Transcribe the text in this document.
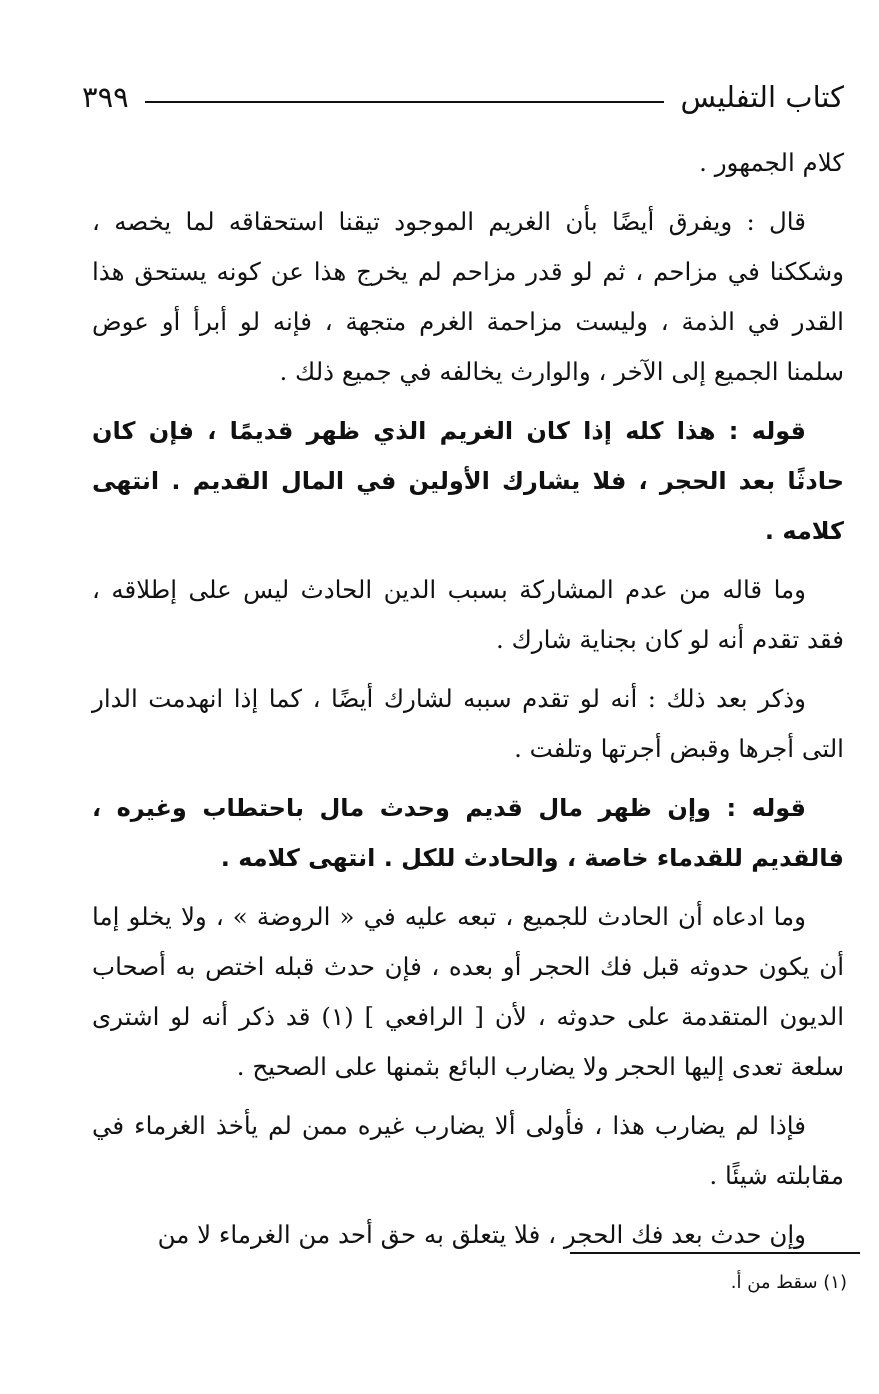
كتاب التفليس
٣٩٩

كلام الجمهور .

قال : ويفرق أيضًا بأن الغريم الموجود تيقنا استحقاقه لما يخصه ، وشككنا في مزاحم ، ثم لو قدر مزاحم لم يخرج هذا عن كونه يستحق هذا القدر في الذمة ، وليست مزاحمة الغرم متجهة ، فإنه لو أبرأ أو عوض سلمنا الجميع إلى الآخر ، والوارث يخالفه في جميع ذلك .

قوله : هذا كله إذا كان الغريم الذي ظهر قديمًا ، فإن كان حادثًا بعد الحجر ، فلا يشارك الأولين في المال القديم . انتهى كلامه .

وما قاله من عدم المشاركة بسبب الدين الحادث ليس على إطلاقه ، فقد تقدم أنه لو كان بجناية شارك .

وذكر بعد ذلك : أنه لو تقدم سببه لشارك أيضًا ، كما إذا انهدمت الدار التى أجرها وقبض أجرتها وتلفت .

قوله : وإن ظهر مال قديم وحدث مال باحتطاب وغيره ، فالقديم للقدماء خاصة ، والحادث للكل . انتهى كلامه .

وما ادعاه أن الحادث للجميع ، تبعه عليه في « الروضة » ، ولا يخلو إما أن يكون حدوثه قبل فك الحجر أو بعده ، فإن حدث قبله اختص به أصحاب الديون المتقدمة على حدوثه ، لأن [ الرافعي ] (١) قد ذكر أنه لو اشترى سلعة تعدى إليها الحجر ولا يضارب البائع بثمنها على الصحيح .

فإذا لم يضارب هذا ، فأولى ألا يضارب غيره ممن لم يأخذ الغرماء في مقابلته شيئًا .

وإن حدث بعد فك الحجر ، فلا يتعلق به حق أحد من الغرماء لا من

(١) سقط من أ.
